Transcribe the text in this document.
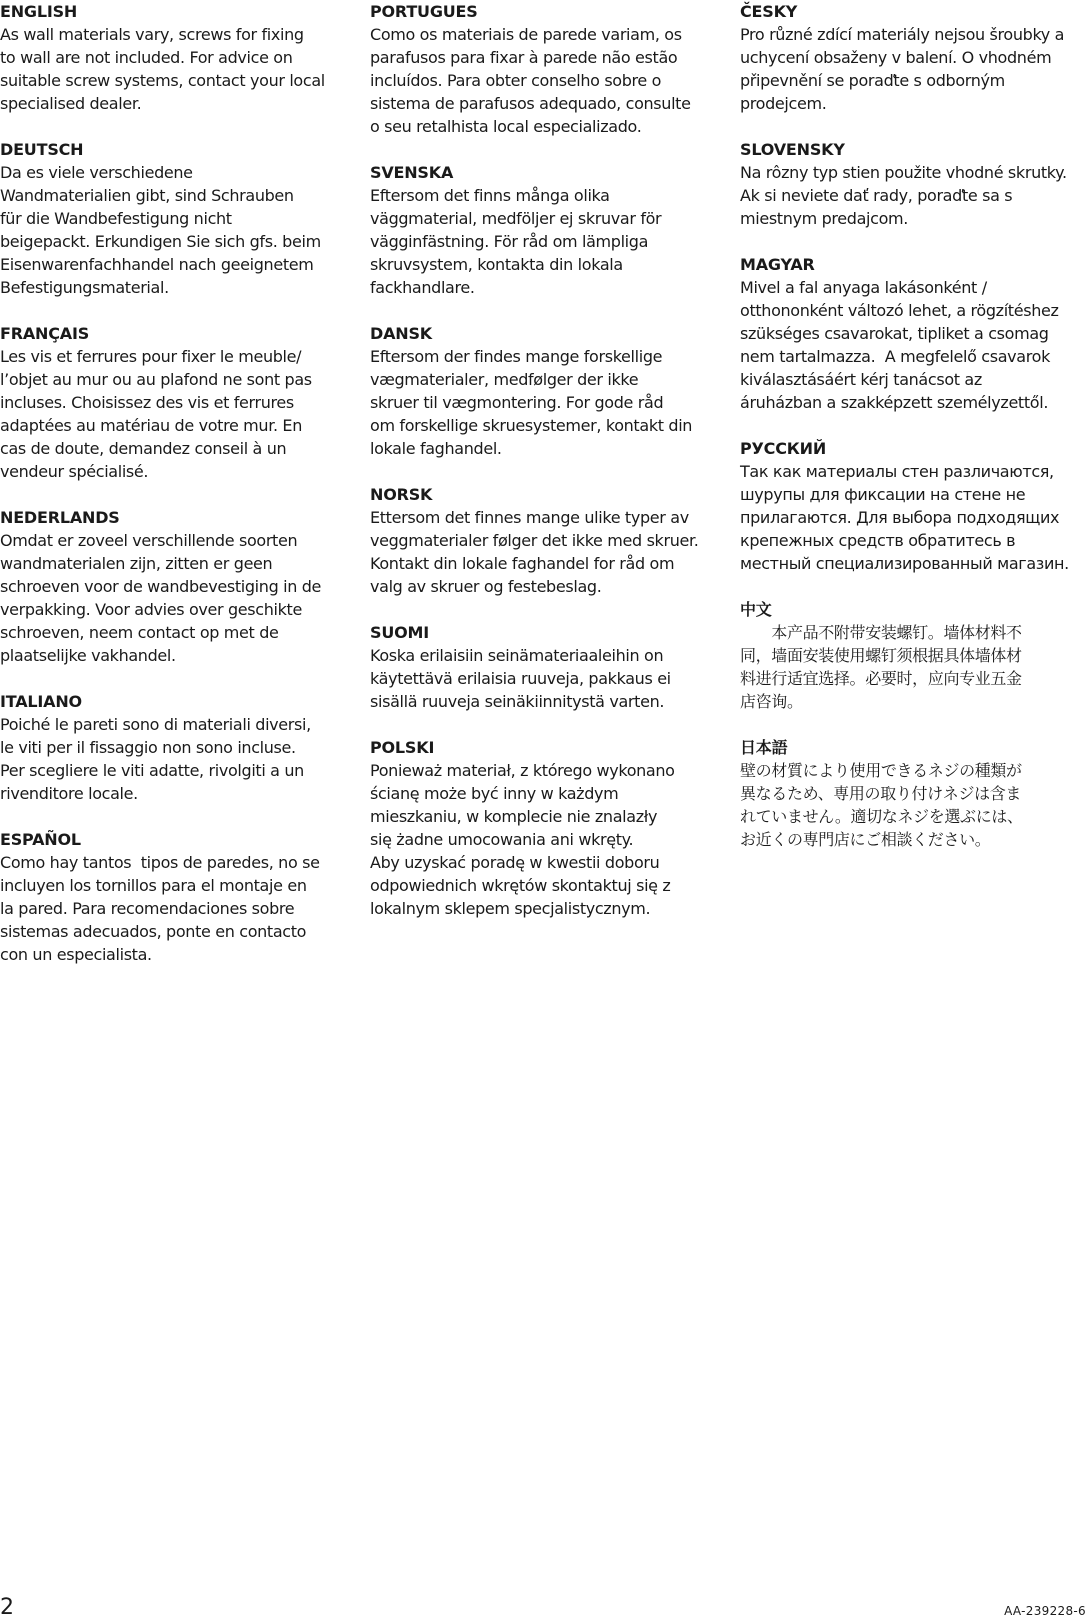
ENGLISH
As wall materials vary, screws for fixing
to wall are not included. For advice on
suitable screw systems, contact your local
specialised dealer.
DEUTSCH
Da es viele verschiedene
Wandmaterialien gibt, sind Schrauben
für die Wandbefestigung nicht
beigepackt. Erkundigen Sie sich gfs. beim
Eisenwarenfachhandel nach geeignetem
Befestigungsmaterial.
FRANÇAIS
Les vis et ferrures pour fixer le meuble/
l’objet au mur ou au plafond ne sont pas
incluses. Choisissez des vis et ferrures
adaptées au matériau de votre mur. En
cas de doute, demandez conseil à un
vendeur spécialisé.
NEDERLANDS
Omdat er zoveel verschillende soorten
wandmaterialen zijn, zitten er geen
schroeven voor de wandbevestiging in de
verpakking. Voor advies over geschikte
schroeven, neem contact op met de
plaatselijke vakhandel.
ITALIANO
Poiché le pareti sono di materiali diversi,
le viti per il fissaggio non sono incluse.
Per scegliere le viti adatte, rivolgiti a un
rivenditore locale.
ESPAÑOL
Como hay tantos  tipos de paredes, no se
incluyen los tornillos para el montaje en
la pared. Para recomendaciones sobre
sistemas adecuados, ponte en contacto
con un especialista.
PORTUGUES
Como os materiais de parede variam, os
parafusos para fixar à parede não estão
incluídos. Para obter conselho sobre o
sistema de parafusos adequado, consulte
o seu retalhista local especializado.
SVENSKA
Eftersom det finns många olika
väggmaterial, medföljer ej skruvar för
vägginfästning. För råd om lämpliga
skruvsystem, kontakta din lokala
fackhandlare.
DANSK
Eftersom der findes mange forskellige
vægmaterialer, medfølger der ikke
skruer til vægmontering. For gode råd
om forskellige skruesystemer, kontakt din
lokale faghandel.
NORSK
Ettersom det finnes mange ulike typer av
veggmaterialer følger det ikke med skruer.
Kontakt din lokale faghandel for råd om
valg av skruer og festebeslag.
SUOMI
Koska erilaisiin seinämateriaaleihin on
käytettävä erilaisia ruuveja, pakkaus ei
sisällä ruuveja seinäkiinnitystä varten.
POLSKI
Ponieważ materiał, z którego wykonano
ścianę może być inny w każdym
mieszkaniu, w komplecie nie znalazły
się żadne umocowania ani wkręty.
Aby uzyskać poradę w kwestii doboru
odpowiednich wkrętów skontaktuj się z
lokalnym sklepem specjalistycznym.
ČESKY
Pro různé zdící materiály nejsou šroubky a
uchycení obsaženy v balení. O vhodném
připevnění se poraďte s odborným
prodejcem.
SLOVENSKY
Na rôzny typ stien použite vhodné skrutky.
Ak si neviete dať rady, poraďte sa s
miestnym predajcom.
MAGYAR
Mivel a fal anyaga lakásonként /
otthononként változó lehet, a rögzítéshez
szükséges csavarokat, tipliket a csomag
nem tartalmazza.  A megfelelő csavarok
kiválasztásáért kérj tanácsot az
áruházban a szakképzett személyzettől.
РУССКИЙ
Так как материалы стен различаются,
шурупы для фиксации на стене не
прилагаются. Для выбора подходящих
крепежных средств обратитесь в
местный специализированный магазин.
中文
　　本产品不附带安装螺钉。墙体材料不
同，墙面安装使用螺钉须根据具体墙体材
料进行适宜选择。必要时，应向专业五金
店咨询。
日本語
壁の材質により使用できるネジの種類が
異なるため、専用の取り付けネジは含ま
れていません。適切なネジを選ぶには、
お近くの専門店にご相談ください。
2	AA-239228-6
